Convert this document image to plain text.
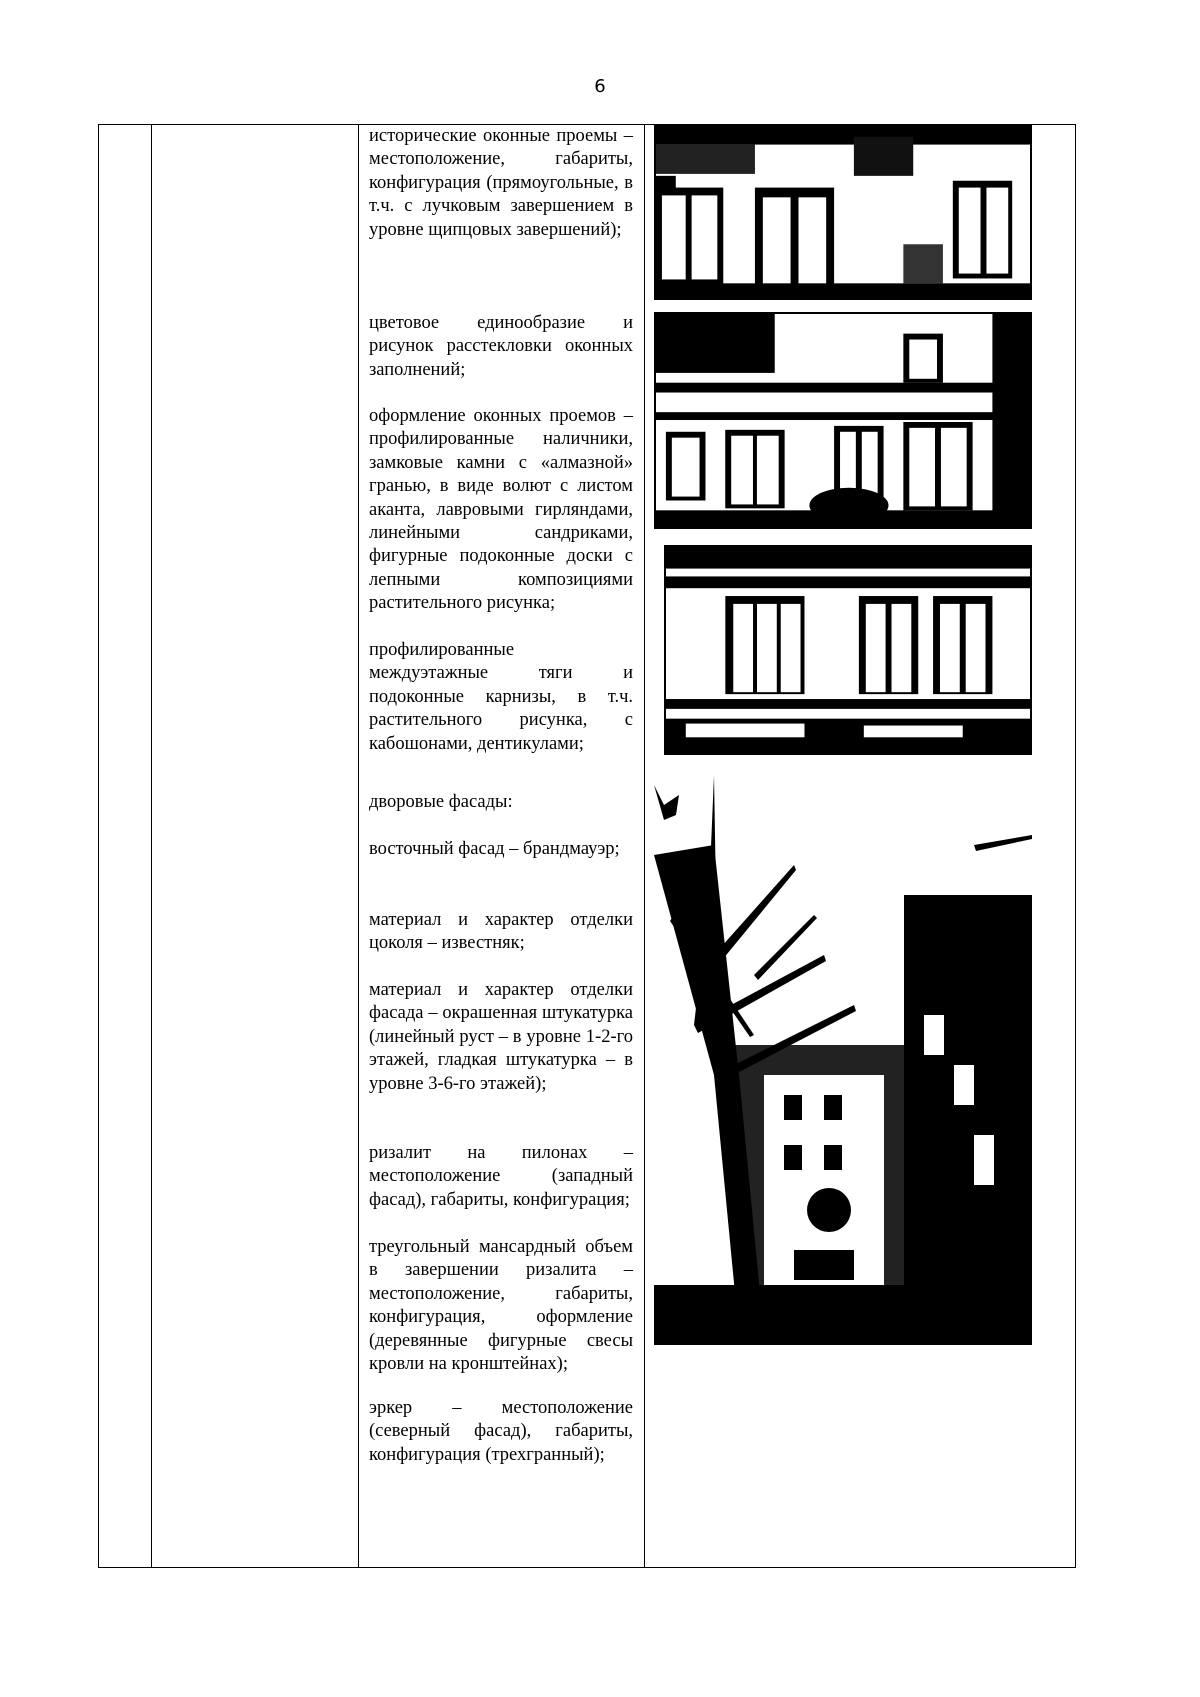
6
исторические оконные проемы – местоположение, габариты, конфигурация (прямоугольные, в т.ч. с лучковым завершением в уровне щипцовых завершений);
цветовое единообразие и рисунок расстекловки оконных заполнений;
оформление оконных проемов – профилированные наличники, замковые камни с «алмазной» гранью, в виде волют с листом аканта, лавровыми гирляндами, линейными сандриками, фигурные подоконные доски с лепными композициями растительного рисунка;
профилированные междуэтажные тяги и подоконные карнизы, в т.ч. растительного рисунка, с кабошонами, дентикулами;
дворовые фасады:
восточный фасад – брандмауэр;
материал и характер отделки цоколя – известняк;
материал и характер отделки фасада – окрашенная штукатурка (линейный руст – в уровне 1-2-го этажей, гладкая штукатурка – в уровне 3-6-го этажей);
ризалит на пилонах – местоположение (западный фасад), габариты, конфигурация;
треугольный мансардный объем в завершении ризалита – местоположение, габариты, конфигурация, оформление (деревянные фигурные свесы кровли на кронштейнах);
эркер – местоположение (северный фасад), габариты, конфигурация (трехгранный);
